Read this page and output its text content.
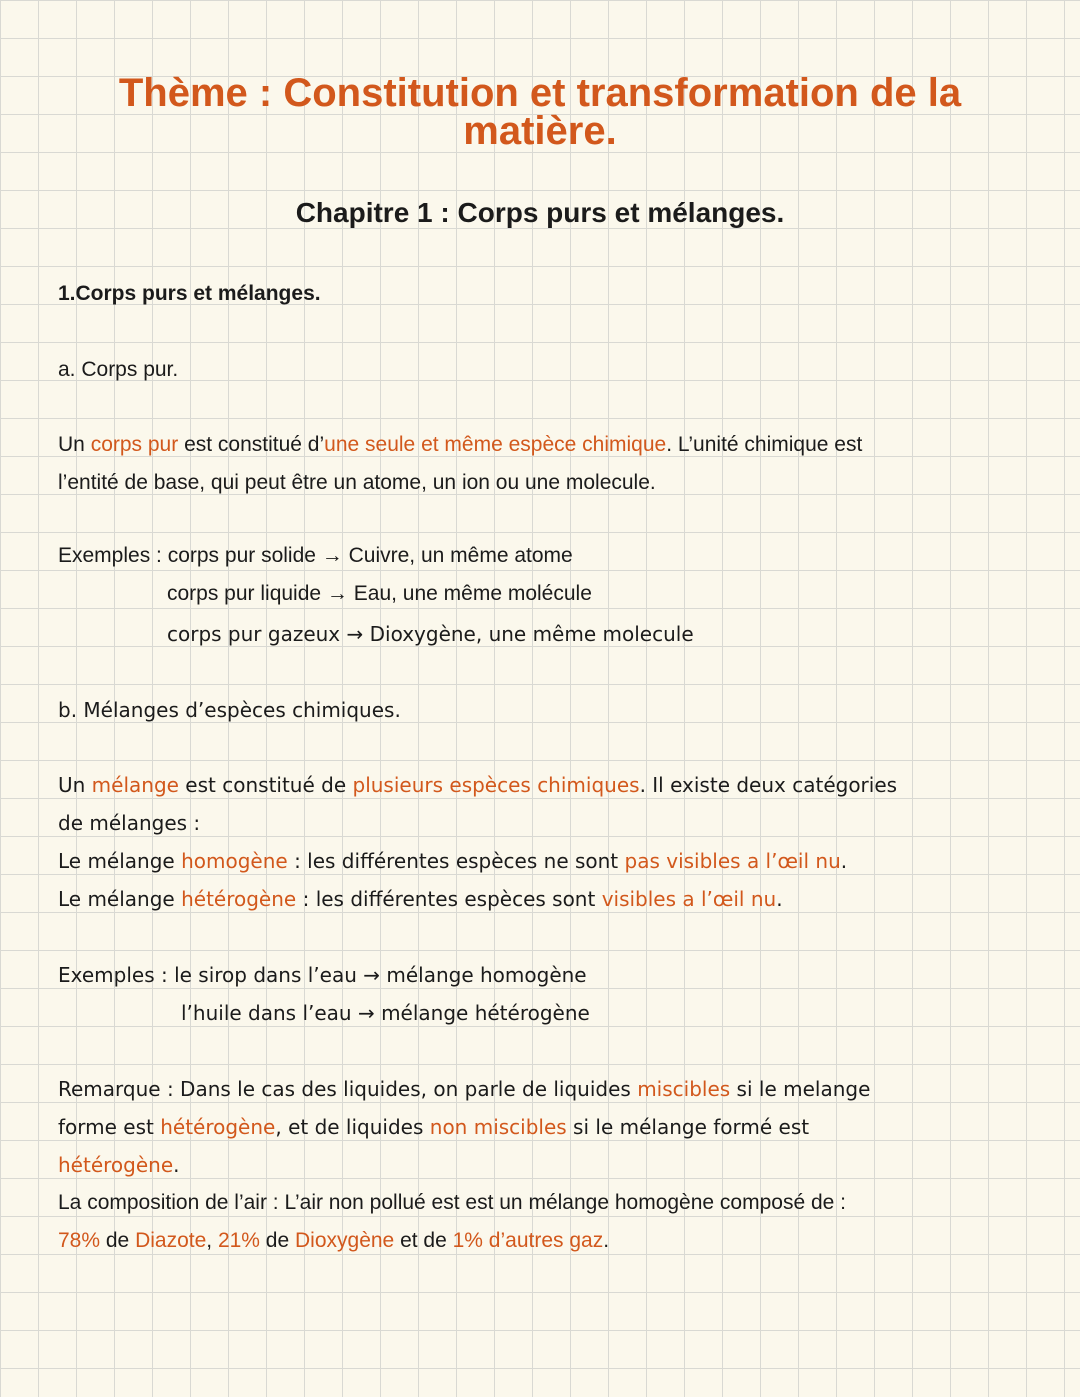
Thème : Constitution et transformation de la matière.
Chapitre 1 : Corps purs et mélanges.

1.Corps purs et mélanges.

a. Corps pur.

Un corps pur est constitué d’une seule et même espèce chimique. L’unité chimique est

l’entité de base, qui peut être un atome, un ion ou une molecule.

Exemples : corps pur solide → Cuivre, un même atome

corps pur liquide → Eau, une même molécule

corps pur gazeux → Dioxygène, une même molecule

b. Mélanges d’espèces chimiques.

Un mélange est constitué de plusieurs espèces chimiques. Il existe deux catégories

de mélanges :

Le mélange homogène : les différentes espèces ne sont pas visibles a l’œil nu.

Le mélange hétérogène : les différentes espèces sont visibles a l’œil nu.

Exemples : le sirop dans l’eau → mélange homogène

l’huile dans l’eau → mélange hétérogène

Remarque : Dans le cas des liquides, on parle de liquides miscibles si le melange

forme est hétérogène, et de liquides non miscibles si le mélange formé est

hétérogène.

La composition de l’air : L’air non pollué est est un mélange homogène composé de :

78% de Diazote, 21% de Dioxygène et de 1% d’autres gaz.
